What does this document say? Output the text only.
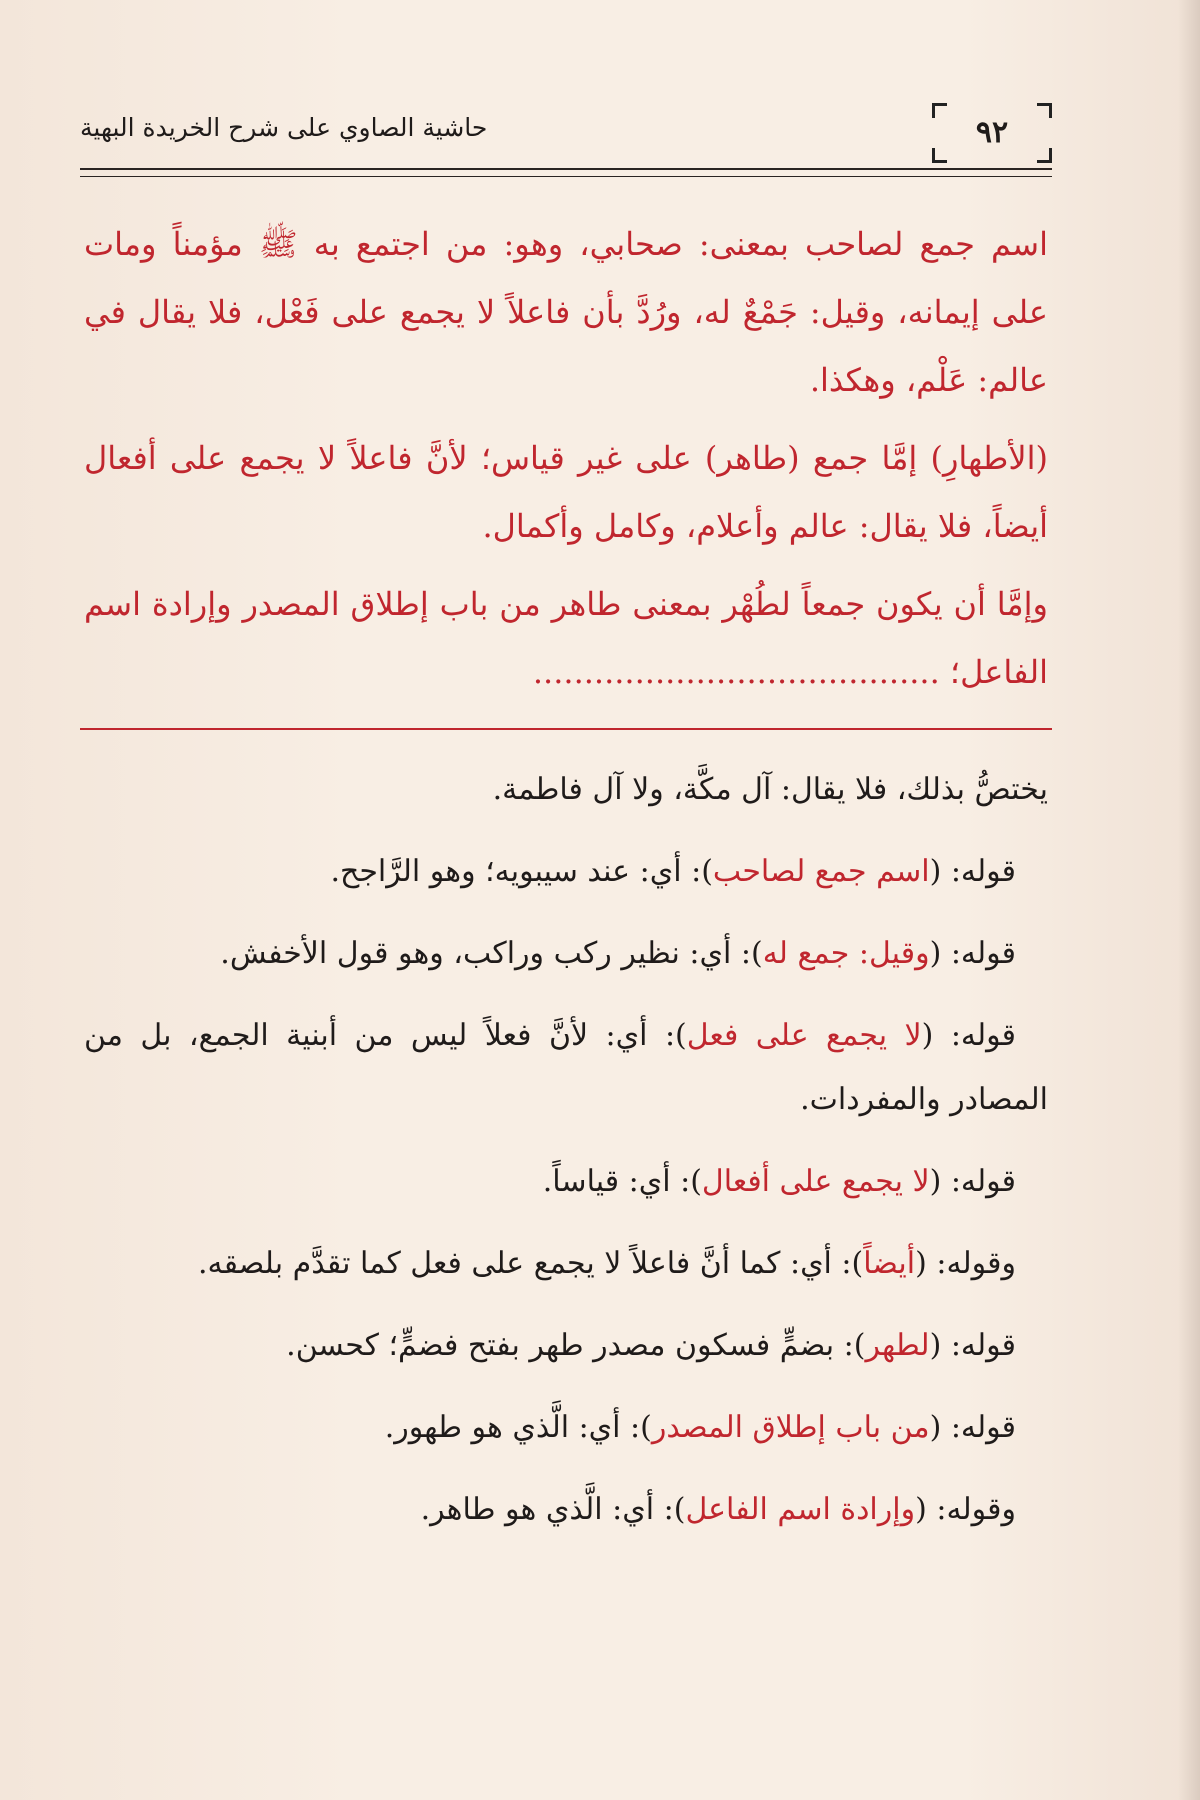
٩٢
حاشية الصاوي على شرح الخريدة البهية

اسم جمع لصاحب بمعنى: صحابي، وهو: من اجتمع به ﷺ مؤمناً ومات على إيمانه، وقيل: جَمْعٌ له، ورُدَّ بأن فاعلاً لا يجمع على فَعْل، فلا يقال في عالم: عَلْم، وهكذا.

(الأطهارِ) إمَّا جمع (طاهر) على غير قياس؛ لأنَّ فاعلاً لا يجمع على أفعال أيضاً، فلا يقال: عالم وأعلام، وكامل وأكمال.

وإمَّا أن يكون جمعاً لطُهْر بمعنى طاهر من باب إطلاق المصدر وإرادة اسم الفاعل؛ ........................................

يختصُّ بذلك، فلا يقال: آل مكَّة، ولا آل فاطمة.

قوله: (اسم جمع لصاحب): أي: عند سيبويه؛ وهو الرَّاجح.

قوله: (وقيل: جمع له): أي: نظير ركب وراكب، وهو قول الأخفش.

قوله: (لا يجمع على فعل): أي: لأنَّ فعلاً ليس من أبنية الجمع، بل من المصادر والمفردات.

قوله: (لا يجمع على أفعال): أي: قياساً.

وقوله: (أيضاً): أي: كما أنَّ فاعلاً لا يجمع على فعل كما تقدَّم بلصقه.

قوله: (لطهر): بضمٍّ فسكون مصدر طهر بفتح فضمٍّ؛ كحسن.

قوله: (من باب إطلاق المصدر): أي: الَّذي هو طهور.

وقوله: (وإرادة اسم الفاعل): أي: الَّذي هو طاهر.
